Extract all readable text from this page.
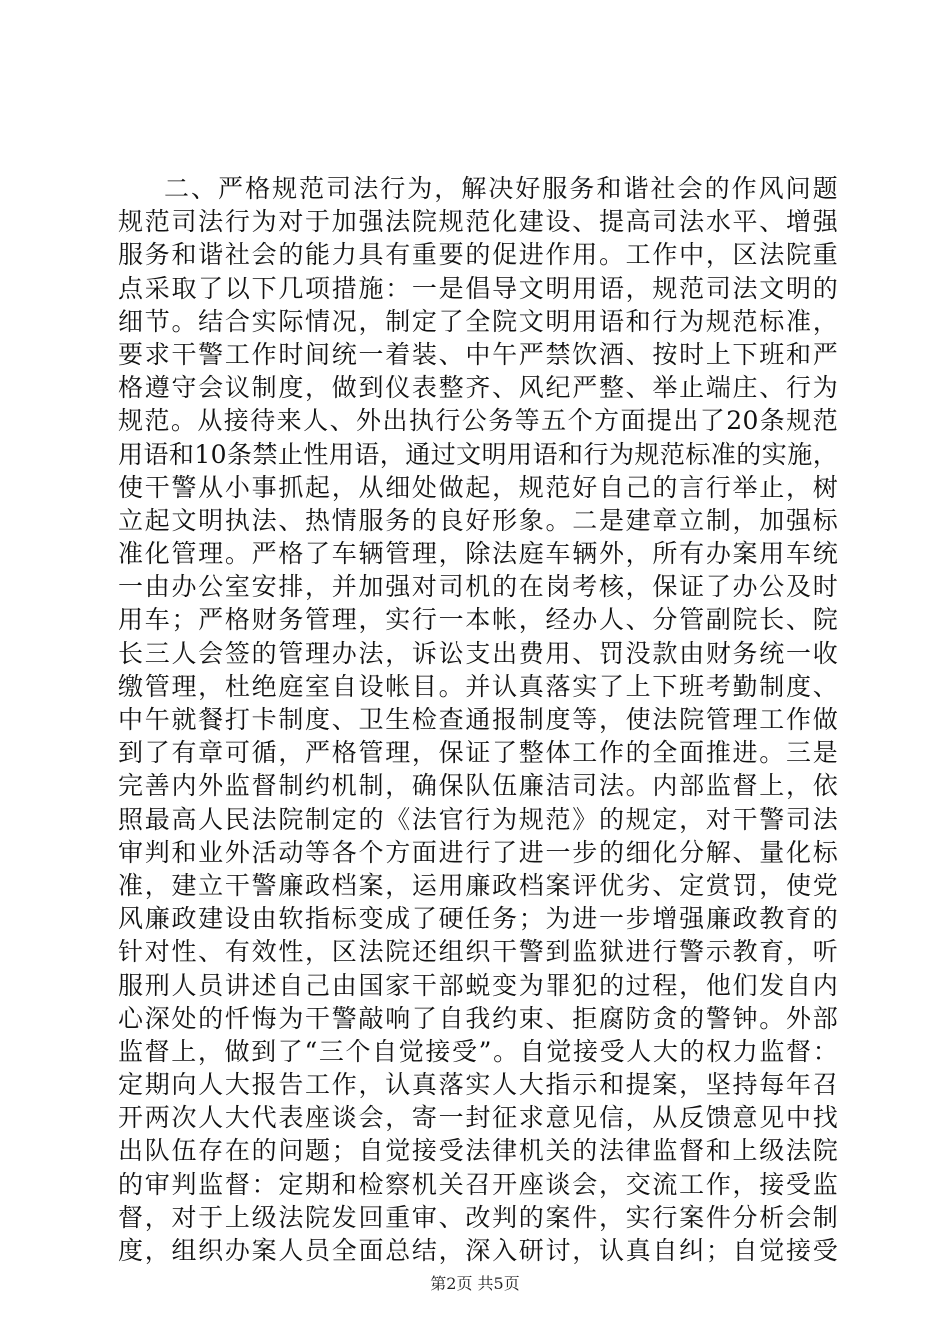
二、严格规范司法行为，解决好服务和谐社会的作风问题
规范司法行为对于加强法院规范化建设、提高司法水平、增强
服务和谐社会的能力具有重要的促进作用。工作中，区法院重
点采取了以下几项措施：一是倡导文明用语，规范司法文明的
细节。结合实际情况，制定了全院文明用语和行为规范标准，
要求干警工作时间统一着装、中午严禁饮酒、按时上下班和严
格遵守会议制度，做到仪表整齐、风纪严整、举止端庄、行为
规范。从接待来人、外出执行公务等五个方面提出了20条规范
用语和10条禁止性用语，通过文明用语和行为规范标准的实施，
使干警从小事抓起，从细处做起，规范好自己的言行举止，树
立起文明执法、热情服务的良好形象。二是建章立制，加强标
准化管理。严格了车辆管理，除法庭车辆外，所有办案用车统
一由办公室安排，并加强对司机的在岗考核，保证了办公及时
用车；严格财务管理，实行一本帐，经办人、分管副院长、院
长三人会签的管理办法，诉讼支出费用、罚没款由财务统一收
缴管理，杜绝庭室自设帐目。并认真落实了上下班考勤制度、
中午就餐打卡制度、卫生检查通报制度等，使法院管理工作做
到了有章可循，严格管理，保证了整体工作的全面推进。三是
完善内外监督制约机制，确保队伍廉洁司法。内部监督上，依
照最高人民法院制定的《法官行为规范》的规定，对干警司法
审判和业外活动等各个方面进行了进一步的细化分解、量化标
准，建立干警廉政档案，运用廉政档案评优劣、定赏罚，使党
风廉政建设由软指标变成了硬任务；为进一步增强廉政教育的
针对性、有效性，区法院还组织干警到监狱进行警示教育，听
服刑人员讲述自己由国家干部蜕变为罪犯的过程，他们发自内
心深处的忏悔为干警敲响了自我约束、拒腐防贪的警钟。外部
监督上，做到了“三个自觉接受”。自觉接受人大的权力监督：
定期向人大报告工作，认真落实人大指示和提案，坚持每年召
开两次人大代表座谈会，寄一封征求意见信，从反馈意见中找
出队伍存在的问题；自觉接受法律机关的法律监督和上级法院
的审判监督：定期和检察机关召开座谈会，交流工作，接受监
督，对于上级法院发回重审、改判的案件，实行案件分析会制
度，组织办案人员全面总结，深入研讨，认真自纠；自觉接受
第2页 共5页
